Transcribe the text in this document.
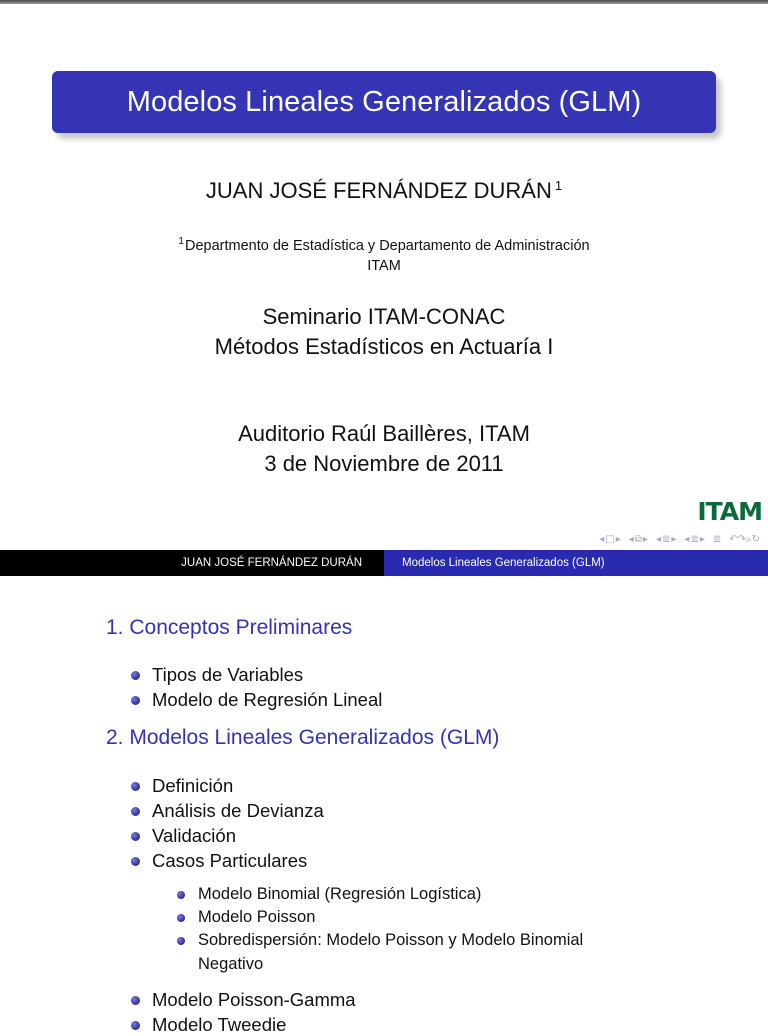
Modelos Lineales Generalizados (GLM)
JUAN JOSÉ FERNÁNDEZ DURÁN $^1$
$^1$Departmento de Estadística y Departamento de Administración
ITAM
Seminario ITAM-CONAC
Métodos Estadísticos en Actuaría I
Auditorio Raúl Baillères, ITAM
3 de Noviembre de 2011
ITAM
◂ □ ▸ ◂ ⧉ ▸ ◂ ≣ ▸ ◂ ≣ ▸ ≣ ↶↷⌕↻
JUAN JOSÉ FERNÁNDEZ DURÁN	Modelos Lineales Generalizados (GLM)
1. Conceptos Preliminares
Tipos de Variables
Modelo de Regresión Lineal
2. Modelos Lineales Generalizados (GLM)
Definición
Análisis de Devianza
Validación
Casos Particulares
Modelo Binomial (Regresión Logística)
Modelo Poisson
Sobredispersión: Modelo Poisson y Modelo Binomial
Negativo
Modelo Poisson-Gamma
Modelo Tweedie
